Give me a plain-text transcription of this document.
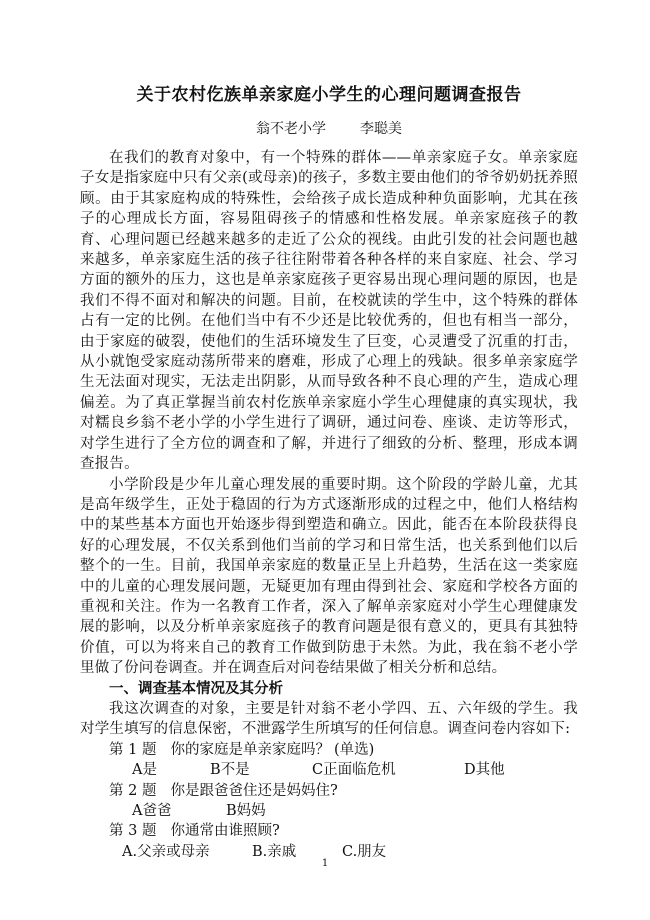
关于农村仡族单亲家庭小学生的心理问题调查报告
翁不老小学 李聪美

在我们的教育对象中，有一个特殊的群体——单亲家庭子女。单亲家庭子女是指家庭中只有父亲(或母亲)的孩子，多数主要由他们的爷爷奶奶抚养照顾。由于其家庭构成的特殊性，会给孩子成长造成种种负面影响，尤其在孩子的心理成长方面，容易阻碍孩子的情感和性格发展。单亲家庭孩子的教育、心理问题已经越来越多的走近了公众的视线。由此引发的社会问题也越来越多，单亲家庭生活的孩子往往附带着各种各样的来自家庭、社会、学习方面的额外的压力，这也是单亲家庭孩子更容易出现心理问题的原因，也是我们不得不面对和解决的问题。目前，在校就读的学生中，这个特殊的群体占有一定的比例。在他们当中有不少还是比较优秀的，但也有相当一部分，由于家庭的破裂，使他们的生活环境发生了巨变，心灵遭受了沉重的打击，从小就饱受家庭动荡所带来的磨难，形成了心理上的残缺。很多单亲家庭学生无法面对现实，无法走出阴影，从而导致各种不良心理的产生，造成心理偏差。为了真正掌握当前农村仡族单亲家庭小学生心理健康的真实现状，我对糯良乡翁不老小学的小学生进行了调研，通过问卷、座谈、走访等形式，对学生进行了全方位的调查和了解，并进行了细致的分析、整理，形成本调查报告。

小学阶段是少年儿童心理发展的重要时期。这个阶段的学龄儿童，尤其是高年级学生，正处于稳固的行为方式逐渐形成的过程之中，他们人格结构中的某些基本方面也开始逐步得到塑造和确立。因此，能否在本阶段获得良好的心理发展，不仅关系到他们当前的学习和日常生活，也关系到他们以后整个的一生。目前，我国单亲家庭的数量正呈上升趋势，生活在这一类家庭中的儿童的心理发展问题，无疑更加有理由得到社会、家庭和学校各方面的重视和关注。作为一名教育工作者，深入了解单亲家庭对小学生心理健康发展的影响，以及分析单亲家庭孩子的教育问题是很有意义的，更具有其独特价值，可以为将来自己的教育工作做到防患于未然。为此，我在翁不老小学里做了份问卷调查。并在调查后对问卷结果做了相关分析和总结。

一、调查基本情况及其分析

我这次调查的对象，主要是针对翁不老小学四、五、六年级的学生。我对学生填写的信息保密，不泄露学生所填写的任何信息。调查问卷内容如下:

第 1 题 你的家庭是单亲家庭吗？ (单选)
A是	B不是	C正面临危机	D其他
第 2 题 你是跟爸爸住还是妈妈住?
A爸爸	B妈妈
第 3 题 你通常由谁照顾?
A.父亲或母亲	B.亲戚	C.朋友
1
